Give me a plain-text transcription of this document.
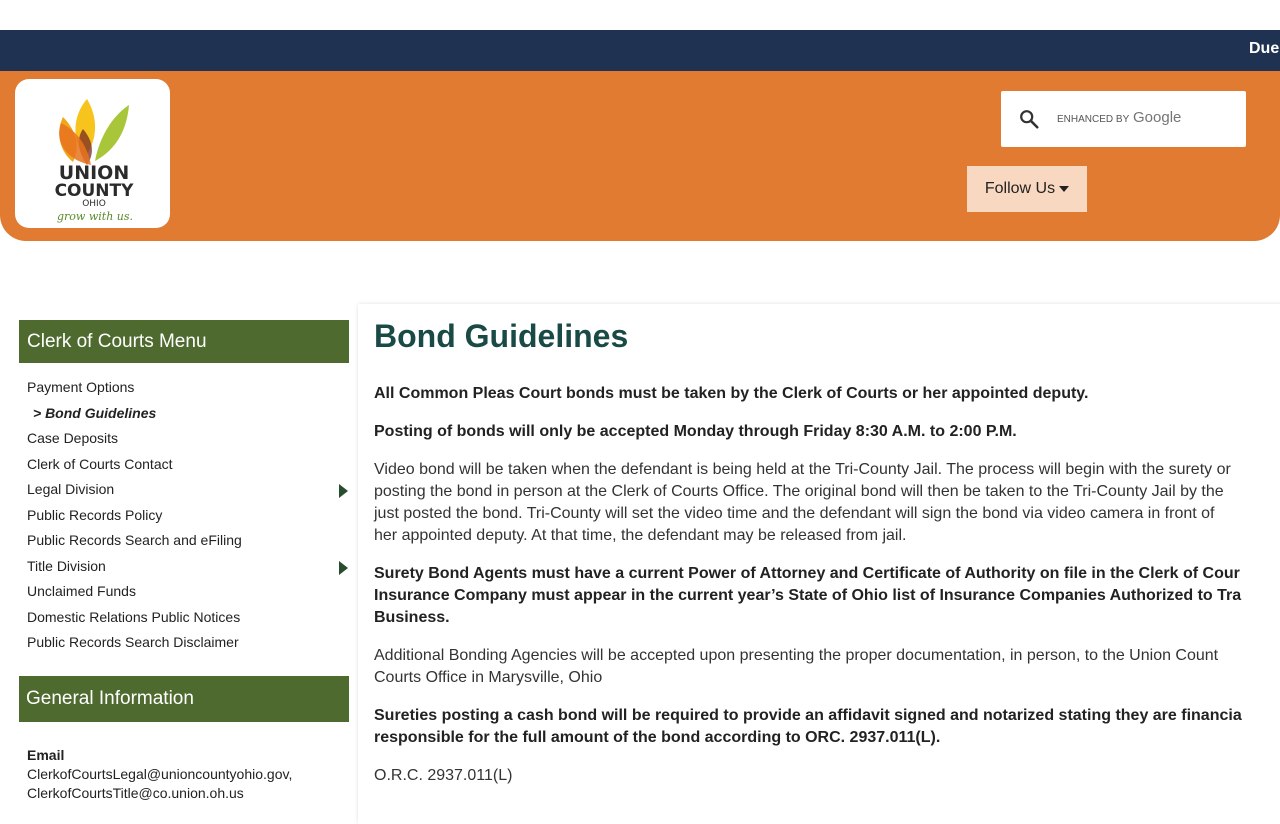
Due
UNION
COUNTY
OHIO
grow with us.
ENHANCED BY
Google
Follow Us
Clerk of Courts Menu
Payment Options
> Bond Guidelines
Case Deposits
Clerk of Courts Contact
Legal Division
Public Records Policy
Public Records Search and eFiling
Title Division
Unclaimed Funds
Domestic Relations Public Notices
Public Records Search Disclaimer
General Information
Email
ClerkofCourtsLegal@unioncountyohio.gov,
ClerkofCourtsTitle@co.union.oh.us
Bond Guidelines

All Common Pleas Court bonds must be taken by the Clerk of Courts or her appointed deputy.

Posting of bonds will only be accepted Monday through Friday 8:30 A.M. to 2:00 P.M.

Video bond will be taken when the defendant is being held at the Tri-County Jail. The process will begin with the surety or
posting the bond in person at the Clerk of Courts Office. The original bond will then be taken to the Tri-County Jail by the
just posted the bond. Tri-County will set the video time and the defendant will sign the bond via video camera in front of
her appointed deputy. At that time, the defendant may be released from jail.

Surety Bond Agents must have a current Power of Attorney and Certificate of Authority on file in the Clerk of Cour
Insurance Company must appear in the current year’s State of Ohio list of Insurance Companies Authorized to Tra
Business.

Additional Bonding Agencies will be accepted upon presenting the proper documentation, in person, to the Union Count
Courts Office in Marysville, Ohio

Sureties posting a cash bond will be required to provide an affidavit signed and notarized stating they are financia
responsible for the full amount of the bond according to ORC. 2937.011(L).

O.R.C. 2937.011(L)
